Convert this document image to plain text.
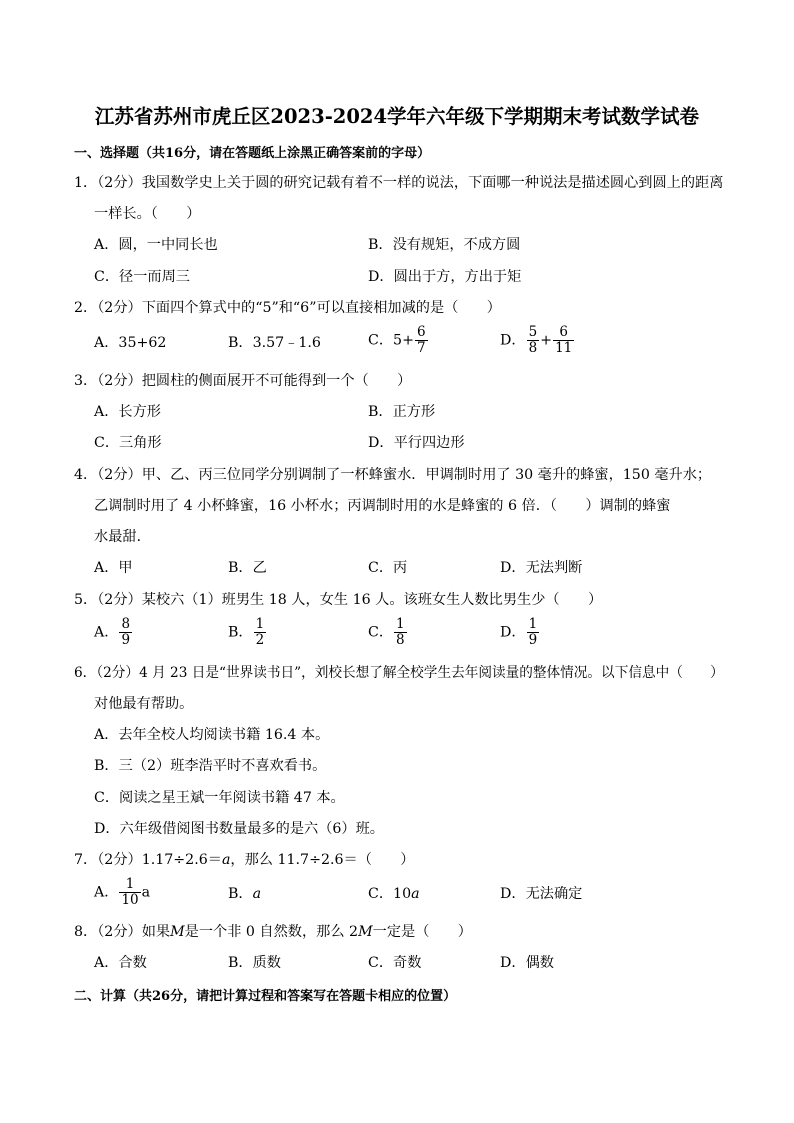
江苏省苏州市虎丘区2023-2024学年六年级下学期期末考试数学试卷
一、选择题（共16分，请在答题纸上涂黑正确答案前的字母）
1．（2分）我国数学史上关于圆的研究记载有着不一样的说法，下面哪一种说法是描述圆心到圆上的距离
一样长。（　　）
A．圆，一中同长也	B．没有规矩，不成方圆
C．径一而周三	D．圆出于方，方出于矩
2．（2分）下面四个算式中的“5”和“6”可以直接相加减的是（　　）
A．35+62	B．3.57﹣1.6	C．$5+ \frac{6}{7}$	D． $\frac{5}{8} + \frac{6}{11}$
3．（2分）把圆柱的侧面展开不可能得到一个（　　）
A．长方形	B．正方形
C．三角形	D．平行四边形
4．（2分）甲、乙、丙三位同学分别调制了一杯蜂蜜水．甲调制时用了 30 毫升的蜂蜜，150 毫升水；
乙调制时用了 4 小杯蜂蜜，16 小杯水；丙调制时用的水是蜂蜜的 6 倍．（　　）调制的蜂蜜
水最甜．
A．甲	B．乙	C．丙	D．无法判断
5．（2分）某校六（1）班男生 18 人，女生 16 人。该班女生人数比男生少（　　）
A． $\frac{8}{9}$	B． $\frac{1}{2}$	C． $\frac{1}{8}$	D． $\frac{1}{9}$
6．（2分）4 月 23 日是“世界读书日”，刘校长想了解全校学生去年阅读量的整体情况。以下信息中（　　）
对他最有帮助。
A．去年全校人均阅读书籍 16.4 本。
B．三（2）班李浩平时不喜欢看书。
C．阅读之星王斌一年阅读书籍 47 本。
D．六年级借阅图书数量最多的是六（6）班。
7．（2分）1.17÷2.6＝a，那么 11.7÷2.6＝（　　）
A． $\frac{1}{10}$ a	B．a	C．10a	D．无法确定
8．（2分）如果M是一个非 0 自然数，那么 2M一定是（　　）
A．合数	B．质数	C．奇数	D．偶数
二、计算（共26分，请把计算过程和答案写在答题卡相应的位置）
